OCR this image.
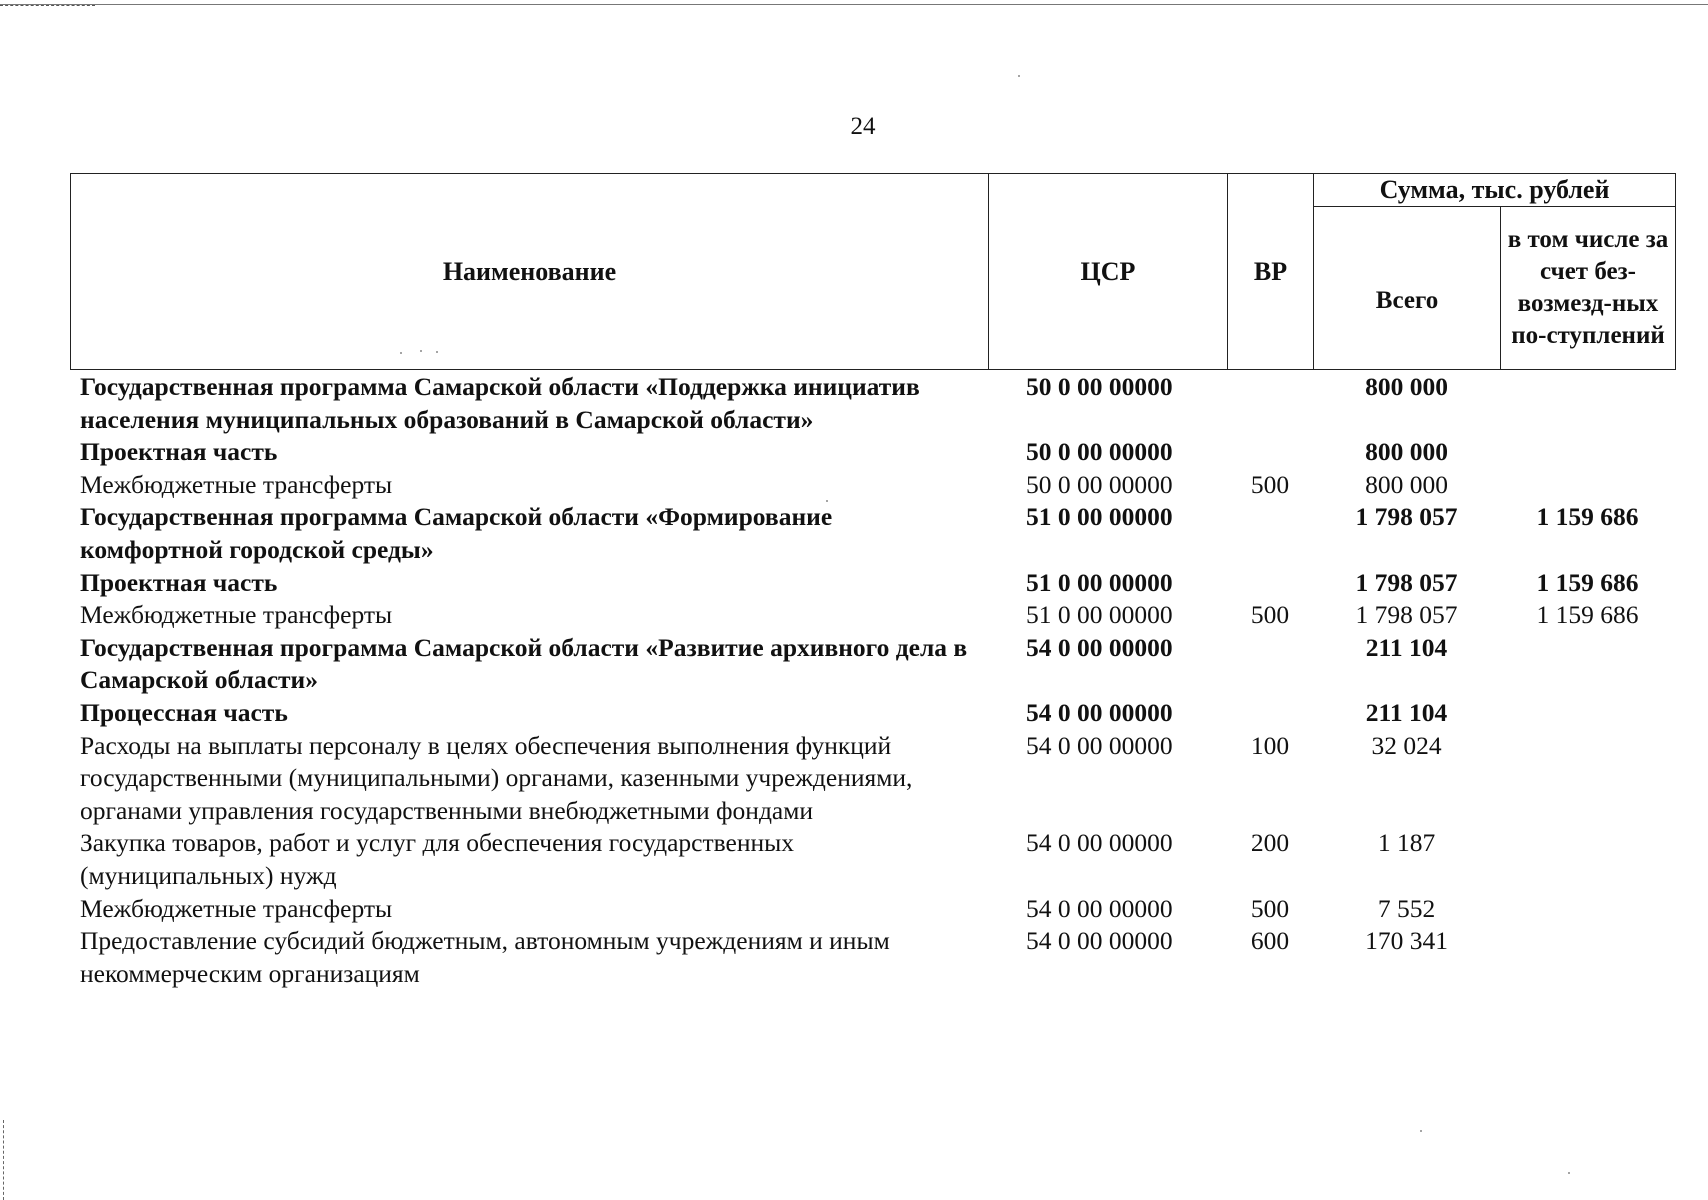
24
Наименование	ЦСР	ВР	Сумма, тыс. рублей	
			Всего	в том числе за счет без-возмезд-ных по-ступлений
Государственная программа Самарской области «Поддержка инициатив населения муниципальных образований в Самарской области»	50 0 00 00000		800 000	
Проектная часть	50 0 00 00000		800 000	
Межбюджетные трансферты	50 0 00 00000	500	800 000	
Государственная программа Самарской области «Формирование комфортной городской среды»	51 0 00 00000		1 798 057	1 159 686
Проектная часть	51 0 00 00000		1 798 057	1 159 686
Межбюджетные трансферты	51 0 00 00000	500	1 798 057	1 159 686
Государственная программа Самарской области «Развитие архивного дела в Самарской области»	54 0 00 00000		211 104	
Процессная часть	54 0 00 00000		211 104	
Расходы на выплаты персоналу в целях обеспечения выполнения функций государственными (муниципальными) органами, казенными учреждениями, органами управления государственными внебюджетными фондами	54 0 00 00000	100	32 024	
Закупка товаров, работ и услуг для обеспечения государственных (муниципальных) нужд	54 0 00 00000	200	1 187	
Межбюджетные трансферты	54 0 00 00000	500	7 552	
Предоставление субсидий бюджетным, автономным учреждениям и иным некоммерческим организациям	54 0 00 00000	600	170 341	
